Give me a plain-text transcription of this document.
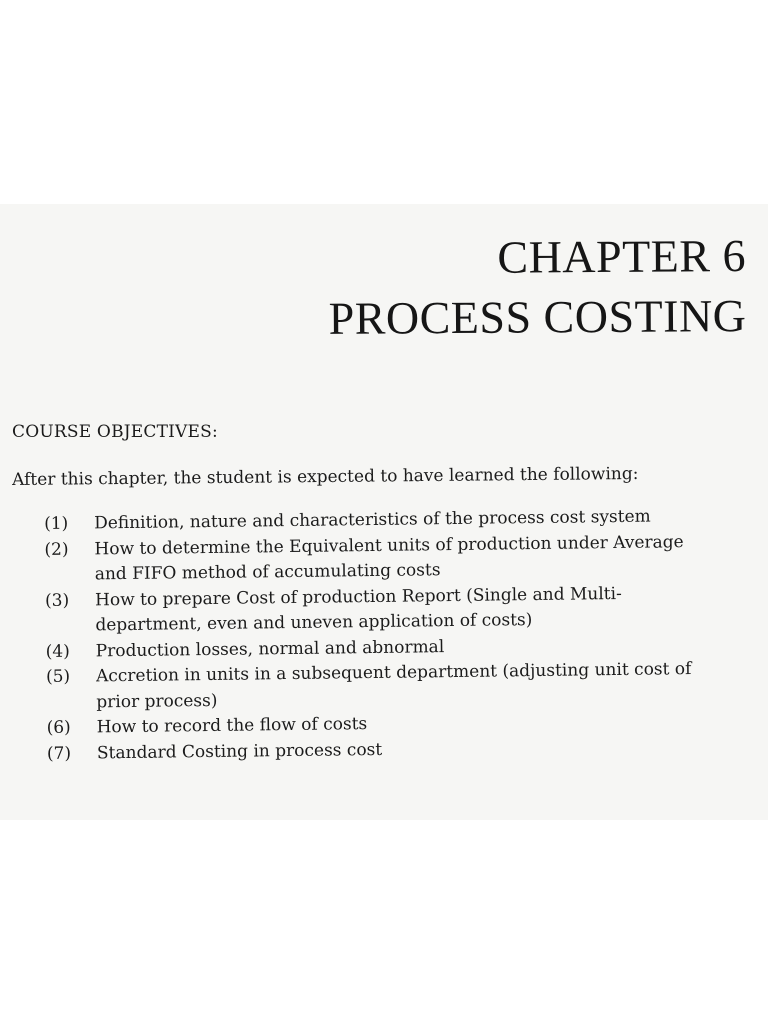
CHAPTER 6
PROCESS COSTING
COURSE OBJECTIVES:
After this chapter, the student is expected to have learned the following:
(1)	Definition, nature and characteristics of the process cost system
(2)	How to determine the Equivalent units of production under Average
and FIFO method of accumulating costs
(3)	How to prepare Cost of production Report (Single and Multi-
department, even and uneven application of costs)
(4)	Production losses, normal and abnormal
(5)	Accretion in units in a subsequent department (adjusting unit cost of
prior process)
(6)	How to record the flow of costs
(7)	Standard Costing in process cost
